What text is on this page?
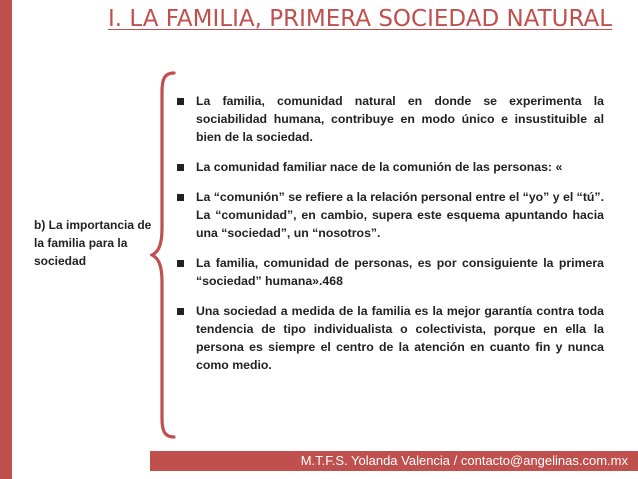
I. LA FAMILIA, PRIMERA SOCIEDAD NATURAL
b) La importancia de la familia para la sociedad
La familia, comunidad natural en donde se experimenta la sociabilidad humana, contribuye en modo único e insustituible al bien de la sociedad.
La comunidad familiar nace de la comunión de las personas: «
La “comunión” se refiere a la relación personal entre el “yo” y el “tú”. La “comunidad”, en cambio, supera este esquema apuntando hacia una “sociedad”, un “nosotros”.
La familia, comunidad de personas, es por consiguiente la primera “sociedad” humana».468
Una sociedad a medida de la familia es la mejor garantía contra toda tendencia de tipo individualista o colectivista, porque en ella la persona es siempre el centro de la atención en cuanto fin y nunca como medio.
M.T.F.S. Yolanda Valencia / contacto@angelinas.com.mx
